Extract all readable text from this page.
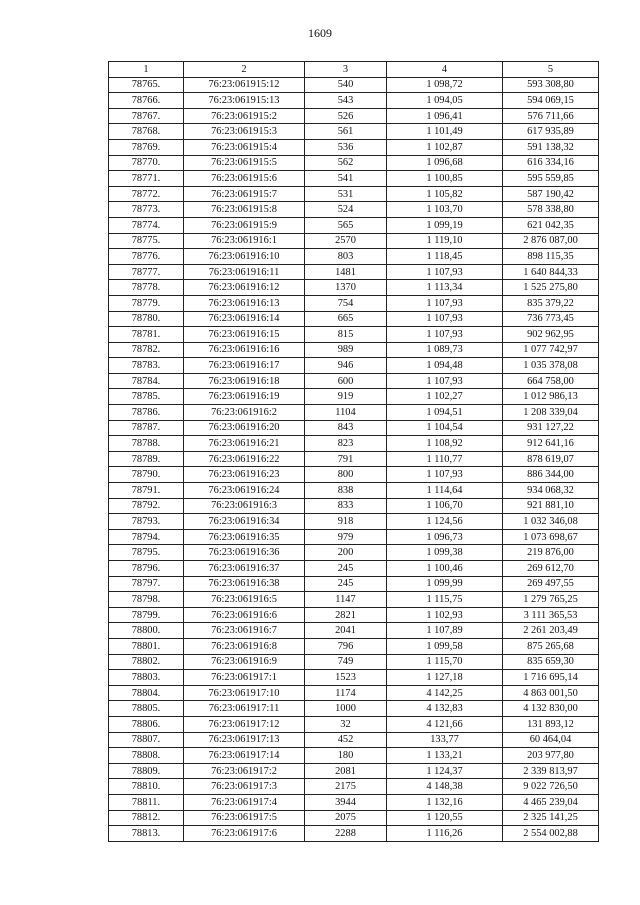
1609
1	2	3	4	5
78765.	76:23:061915:12	540	1 098,72	593 308,80
78766.	76:23:061915:13	543	1 094,05	594 069,15
78767.	76:23:061915:2	526	1 096,41	576 711,66
78768.	76:23:061915:3	561	1 101,49	617 935,89
78769.	76:23:061915:4	536	1 102,87	591 138,32
78770.	76:23:061915:5	562	1 096,68	616 334,16
78771.	76:23:061915:6	541	1 100,85	595 559,85
78772.	76:23:061915:7	531	1 105,82	587 190,42
78773.	76:23:061915:8	524	1 103,70	578 338,80
78774.	76:23:061915:9	565	1 099,19	621 042,35
78775.	76:23:061916:1	2570	1 119,10	2 876 087,00
78776.	76:23:061916:10	803	1 118,45	898 115,35
78777.	76:23:061916:11	1481	1 107,93	1 640 844,33
78778.	76:23:061916:12	1370	1 113,34	1 525 275,80
78779.	76:23:061916:13	754	1 107,93	835 379,22
78780.	76:23:061916:14	665	1 107,93	736 773,45
78781.	76:23:061916:15	815	1 107,93	902 962,95
78782.	76:23:061916:16	989	1 089,73	1 077 742,97
78783.	76:23:061916:17	946	1 094,48	1 035 378,08
78784.	76:23:061916:18	600	1 107,93	664 758,00
78785.	76:23:061916:19	919	1 102,27	1 012 986,13
78786.	76:23:061916:2	1104	1 094,51	1 208 339,04
78787.	76:23:061916:20	843	1 104,54	931 127,22
78788.	76:23:061916:21	823	1 108,92	912 641,16
78789.	76:23:061916:22	791	1 110,77	878 619,07
78790.	76:23:061916:23	800	1 107,93	886 344,00
78791.	76:23:061916:24	838	1 114,64	934 068,32
78792.	76:23:061916:3	833	1 106,70	921 881,10
78793.	76:23:061916:34	918	1 124,56	1 032 346,08
78794.	76:23:061916:35	979	1 096,73	1 073 698,67
78795.	76:23:061916:36	200	1 099,38	219 876,00
78796.	76:23:061916:37	245	1 100,46	269 612,70
78797.	76:23:061916:38	245	1 099,99	269 497,55
78798.	76:23:061916:5	1147	1 115,75	1 279 765,25
78799.	76:23:061916:6	2821	1 102,93	3 111 365,53
78800.	76:23:061916:7	2041	1 107,89	2 261 203,49
78801.	76:23:061916:8	796	1 099,58	875 265,68
78802.	76:23:061916:9	749	1 115,70	835 659,30
78803.	76:23:061917:1	1523	1 127,18	1 716 695,14
78804.	76:23:061917:10	1174	4 142,25	4 863 001,50
78805.	76:23:061917:11	1000	4 132,83	4 132 830,00
78806.	76:23:061917:12	32	4 121,66	131 893,12
78807.	76:23:061917:13	452	133,77	60 464,04
78808.	76:23:061917:14	180	1 133,21	203 977,80
78809.	76:23:061917:2	2081	1 124,37	2 339 813,97
78810.	76:23:061917:3	2175	4 148,38	9 022 726,50
78811.	76:23:061917:4	3944	1 132,16	4 465 239,04
78812.	76:23:061917:5	2075	1 120,55	2 325 141,25
78813.	76:23:061917:6	2288	1 116,26	2 554 002,88
